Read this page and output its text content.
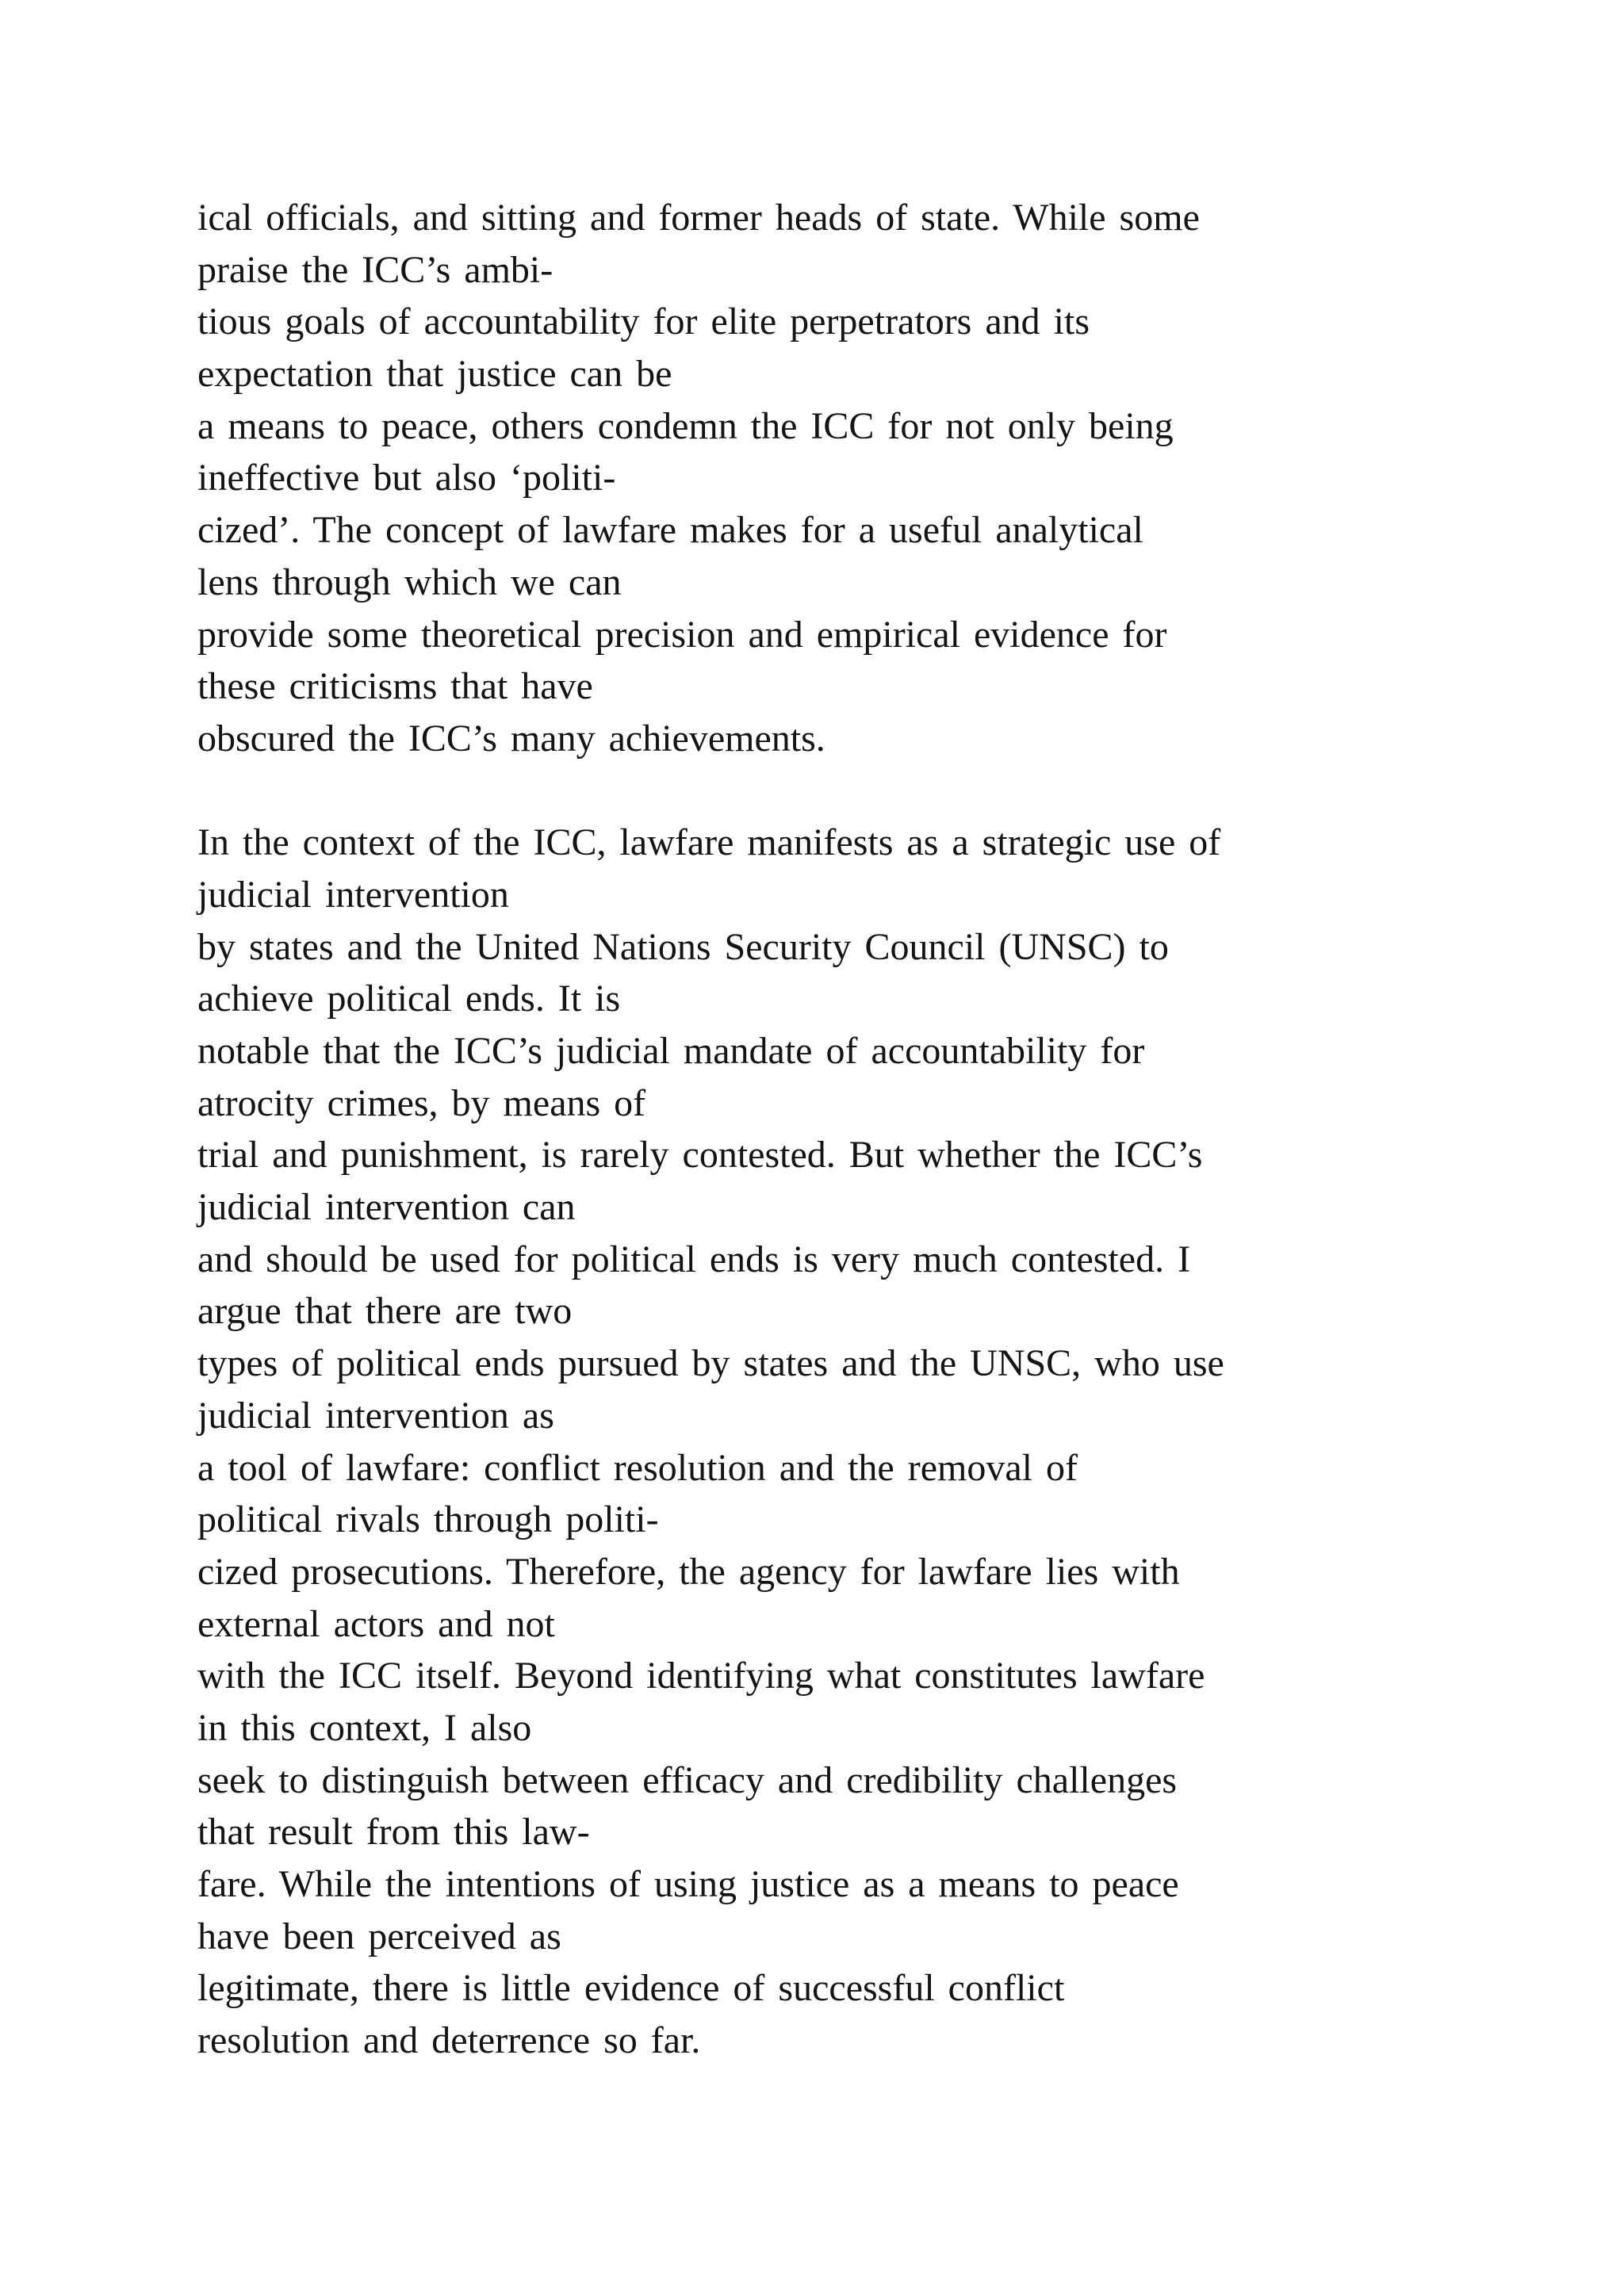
ical officials, and sitting and former heads of state. While some
praise the ICC’s ambi-
tious goals of accountability for elite perpetrators and its
expectation that justice can be
a means to peace, others condemn the ICC for not only being
ineffective but also ‘politi-
cized’. The concept of lawfare makes for a useful analytical
lens through which we can
provide some theoretical precision and empirical evidence for
these criticisms that have
obscured the ICC’s many achievements.
In the context of the ICC, lawfare manifests as a strategic use of
judicial intervention
by states and the United Nations Security Council (UNSC) to
achieve political ends. It is
notable that the ICC’s judicial mandate of accountability for
atrocity crimes, by means of
trial and punishment, is rarely contested. But whether the ICC’s
judicial intervention can
and should be used for political ends is very much contested. I
argue that there are two
types of political ends pursued by states and the UNSC, who use
judicial intervention as
a tool of lawfare: conflict resolution and the removal of
political rivals through politi-
cized prosecutions. Therefore, the agency for lawfare lies with
external actors and not
with the ICC itself. Beyond identifying what constitutes lawfare
in this context, I also
seek to distinguish between efficacy and credibility challenges
that result from this law-
fare. While the intentions of using justice as a means to peace
have been perceived as
legitimate, there is little evidence of successful conflict
resolution and deterrence so far.
